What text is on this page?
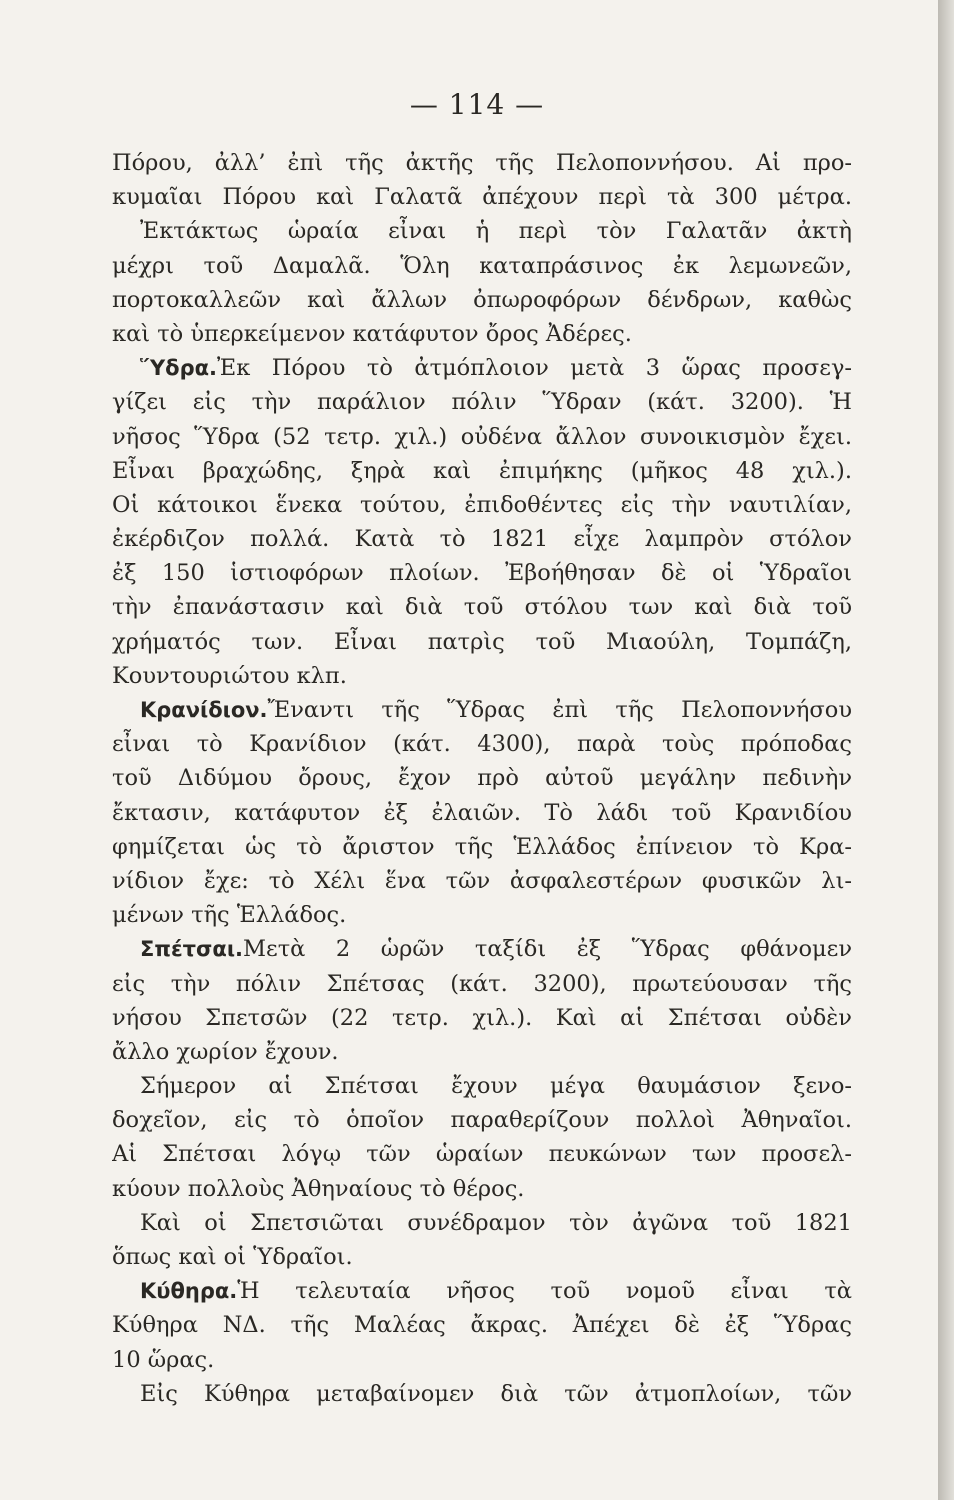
— 114 —
Πόρου, ἀλλ’ ἐπὶ τῆς ἀκτῆς τῆς Πελοποννήσου. Αἱ προ-
κυμαῖαι Πόρου καὶ Γαλατᾶ ἀπέχουν περὶ τὰ 300 μέτρα.
Ἐκτάκτως ὡραία εἶναι ἡ περὶ τὸν Γαλατᾶν ἀκτὴ
μέχρι τοῦ Δαμαλᾶ. Ὅλη καταπράσινος ἐκ λεμωνεῶν,
πορτοκαλλεῶν καὶ ἄλλων ὀπωροφόρων δένδρων, καθὼς
καὶ τὸ ὑπερκείμενον κατάφυτον ὄρος Ἀδέρες.
Ὕδρα.Ἐκ Πόρου τὸ ἀτμόπλοιον μετὰ 3 ὥρας προσεγ-
γίζει εἰς τὴν παράλιον πόλιν Ὕδραν (κάτ. 3200). Ἡ
νῆσος Ὕδρα (52 τετρ. χιλ.) οὐδένα ἄλλον συνοικισμὸν ἔχει.
Εἶναι βραχώδης, ξηρὰ καὶ ἐπιμήκης (μῆκος 48 χιλ.).
Οἱ κάτοικοι ἕνεκα τούτου, ἐπιδοθέντες εἰς τὴν ναυτιλίαν,
ἐκέρδιζον πολλά. Κατὰ τὸ 1821 εἶχε λαμπρὸν στόλον
ἐξ 150 ἱστιοφόρων πλοίων. Ἐβοήθησαν δὲ οἱ Ὑδραῖοι
τὴν ἐπανάστασιν καὶ διὰ τοῦ στόλου των καὶ διὰ τοῦ
χρήματός των. Εἶναι πατρὶς τοῦ Μιαούλη, Τομπάζη,
Κουντουριώτου κλπ.
Κρανίδιον.Ἔναντι τῆς Ὕδρας ἐπὶ τῆς Πελοποννήσου
εἶναι τὸ Κρανίδιον (κάτ. 4300), παρὰ τοὺς πρόποδας
τοῦ Διδύμου ὄρους, ἔχον πρὸ αὐτοῦ μεγάλην πεδινὴν
ἔκτασιν, κατάφυτον ἐξ ἐλαιῶν. Τὸ λάδι τοῦ Κρανιδίου
φημίζεται ὡς τὸ ἄριστον τῆς Ἑλλάδος ἐπίνειον τὸ Κρα-
νίδιον ἔχε: τὸ Χέλι ἕνα τῶν ἀσφαλεστέρων φυσικῶν λι-
μένων τῆς Ἑλλάδος.
Σπέτσαι.Μετὰ 2 ὡρῶν ταξίδι ἐξ Ὕδρας φθάνομεν
εἰς τὴν πόλιν Σπέτσας (κάτ. 3200), πρωτεύουσαν τῆς
νήσου Σπετσῶν (22 τετρ. χιλ.). Καὶ αἱ Σπέτσαι οὐδὲν
ἄλλο χωρίον ἔχουν.
Σήμερον αἱ Σπέτσαι ἔχουν μέγα θαυμάσιον ξενο-
δοχεῖον, εἰς τὸ ὁποῖον παραθερίζουν πολλοὶ Ἀθηναῖοι.
Αἱ Σπέτσαι λόγῳ τῶν ὡραίων πευκώνων των προσελ-
κύουν πολλοὺς Ἀθηναίους τὸ θέρος.
Καὶ οἱ Σπετσιῶται συνέδραμον τὸν ἀγῶνα τοῦ 1821
ὅπως καὶ οἱ Ὑδραῖοι.
Κύθηρα.Ἡ τελευταία νῆσος τοῦ νομοῦ εἶναι τὰ
Κύθηρα ΝΔ. τῆς Μαλέας ἄκρας. Ἀπέχει δὲ ἐξ Ὕδρας
10 ὥρας.
Εἰς Κύθηρα μεταβαίνομεν διὰ τῶν ἀτμοπλοίων, τῶν
